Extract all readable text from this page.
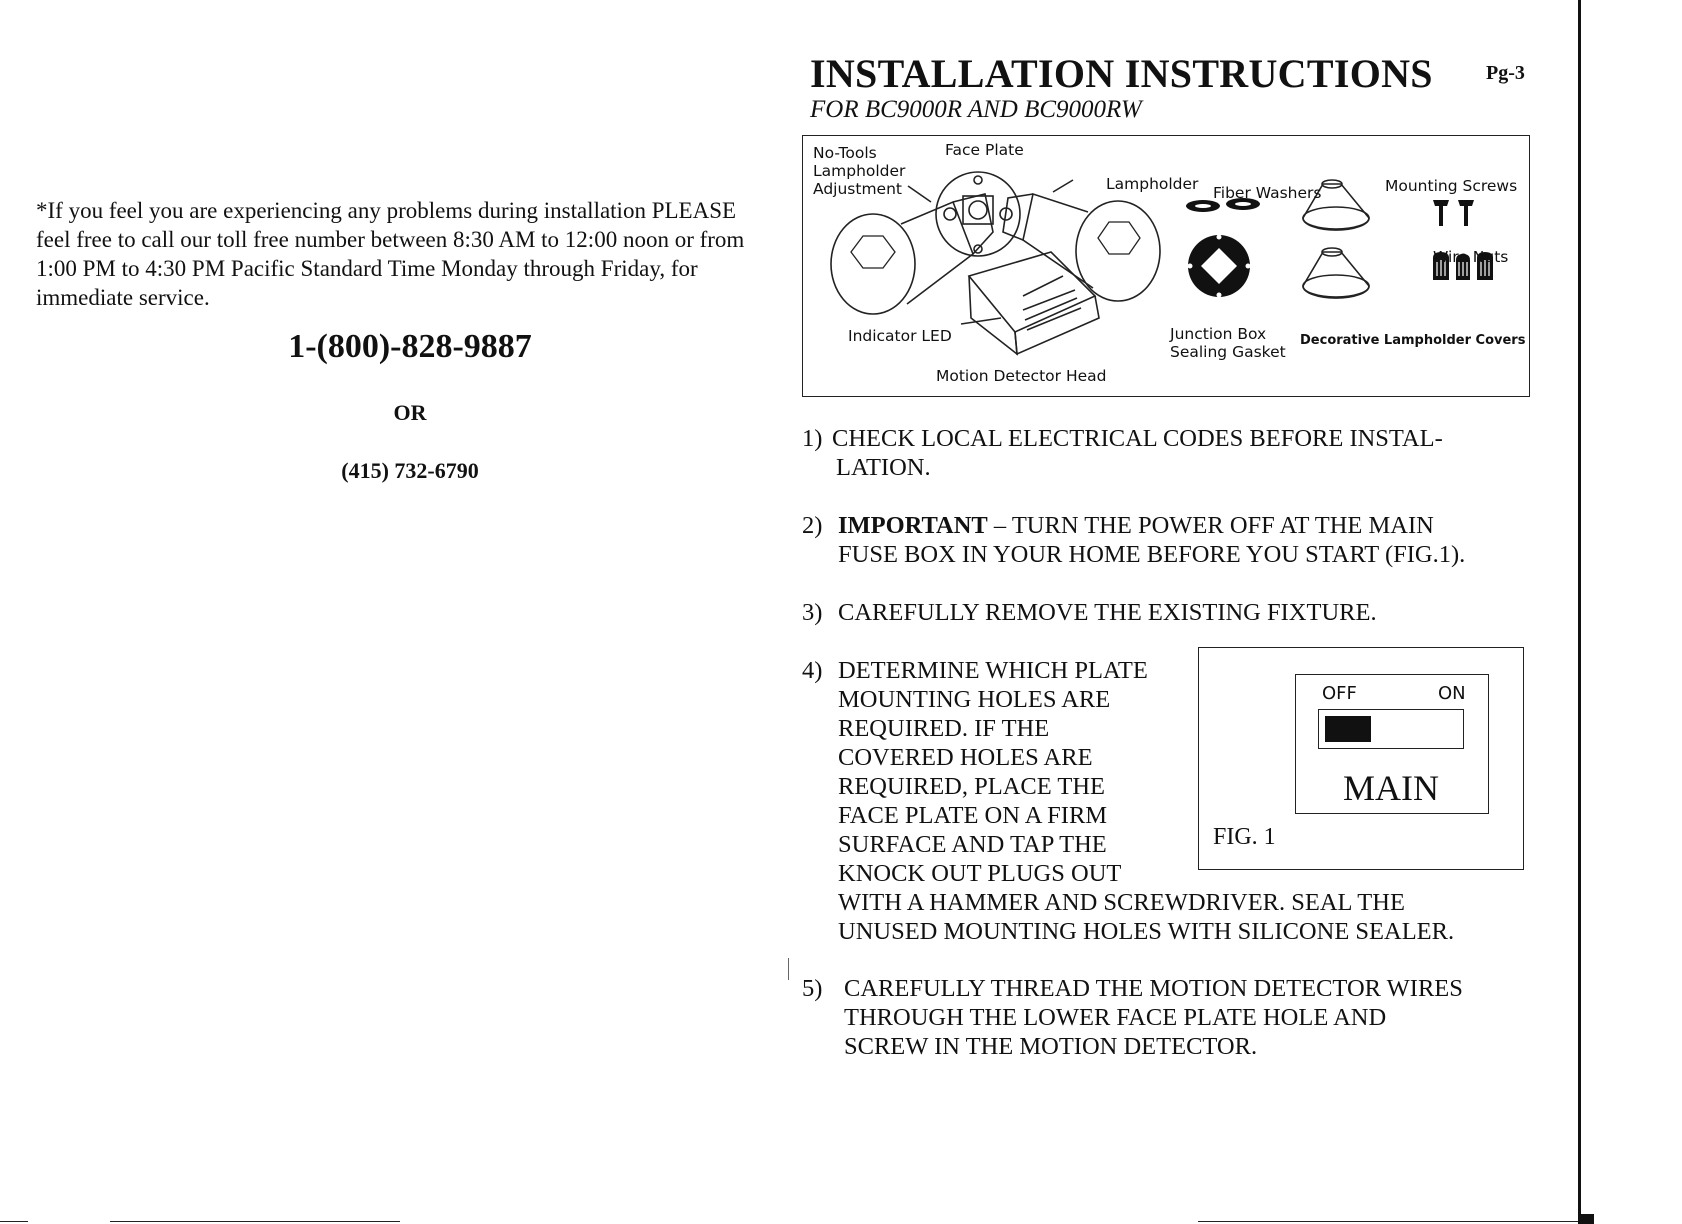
*If you feel you are experiencing any problems during installation PLEASE
feel free to call our toll free number between 8:30 AM to 12:00 noon or from
1:00 PM to 4:30 PM Pacific Standard Time Monday through Friday, for
immediate service.
1-(800)-828-9887
OR
(415) 732-6790
INSTALLATION INSTRUCTIONS	Pg-3
FOR BC9000R AND BC9000RW
No-Tools
Lampholder
Adjustment
Face Plate
Lampholder Fiber Washers	Mounting Screws
Wire Nuts
Indicator LED	Junction Box
Sealing Gasket
Decorative Lampholder Covers
Motion Detector Head
1) CHECK LOCAL ELECTRICAL CODES BEFORE INSTAL-
LATION.
2) IMPORTANT – TURN THE POWER OFF AT THE MAIN
FUSE BOX IN YOUR HOME BEFORE YOU START (FIG.1).
3) CAREFULLY REMOVE THE EXISTING FIXTURE.
4) DETERMINE WHICH PLATE
MOUNTING HOLES ARE
REQUIRED. IF THE
COVERED HOLES ARE
REQUIRED, PLACE THE
FACE PLATE ON A FIRM
SURFACE AND TAP THE
KNOCK OUT PLUGS OUT
WITH A HAMMER AND SCREWDRIVER. SEAL THE
UNUSED MOUNTING HOLES WITH SILICONE SEALER.
5) CAREFULLY THREAD THE MOTION DETECTOR WIRES
THROUGH THE LOWER FACE PLATE HOLE AND
SCREW IN THE MOTION DETECTOR.
OFF	ON
MAIN
FIG. 1
